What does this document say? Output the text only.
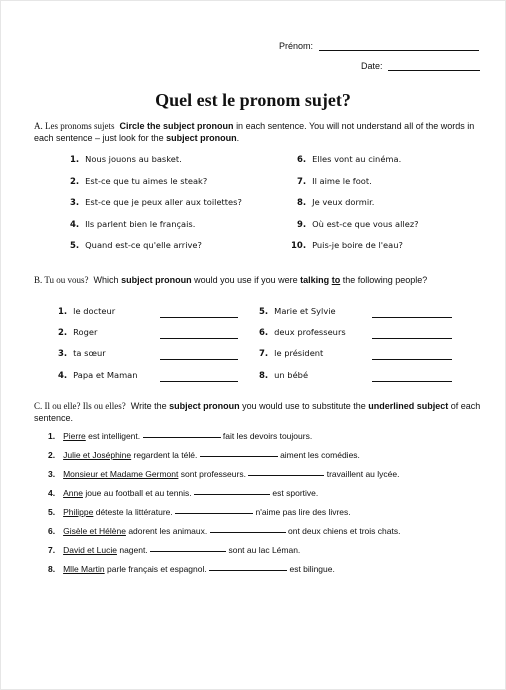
Prénom:
Date:
Quel est le pronom sujet?
A. Les pronoms sujets Circle the subject pronoun in each sentence. You will not understand all of the words in each sentence – just look for the subject pronoun.
1. Nous jouons au basket.
2. Est-ce que tu aimes le steak?
3. Est-ce que je peux aller aux toilettes?
4. Ils parlent bien le français.
5. Quand est-ce qu'elle arrive?
6. Elles vont au cinéma.
7. Il aime le foot.
8. Je veux dormir.
9. Où est-ce que vous allez?
10. Puis-je boire de l'eau?
B. Tu ou vous? Which subject pronoun would you use if you were talking to the following people?
1. le docteur
2. Roger
3. ta sœur
4. Papa et Maman
5. Marie et Sylvie
6. deux professeurs
7. le président
8. un bébé
C. Il ou elle? Ils ou elles? Write the subject pronoun you would use to substitute the underlined subject of each sentence.
1. Pierre est intelligent.	fait les devoirs toujours.
2. Julie et Joséphine regardent la télé.	aiment les comédies.
3. Monsieur et Madame Germont sont professeurs.	travaillent au lycée.
4. Anne joue au football et au tennis.	est sportive.
5. Philippe déteste la littérature.	n'aime pas lire des livres.
6. Gisèle et Hélène adorent les animaux.	ont deux chiens et trois chats.
7. David et Lucie nagent.	sont au lac Léman.
8. Mlle Martin parle français et espagnol.	est bilingue.
